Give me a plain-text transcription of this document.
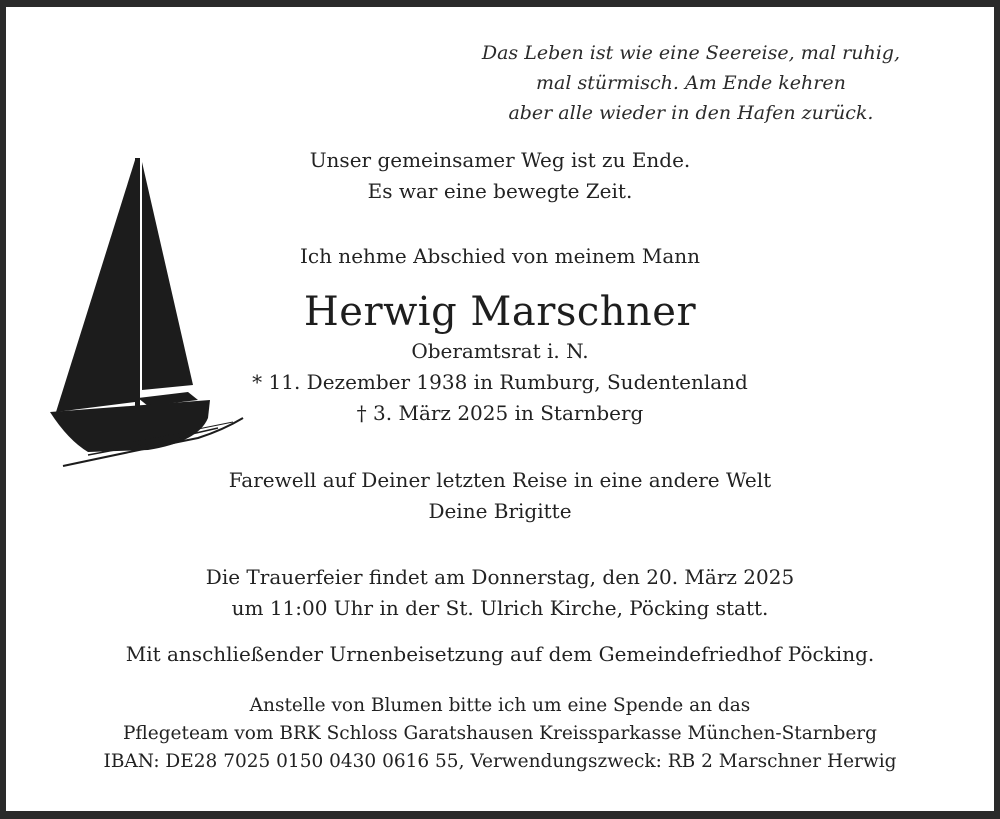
Das Leben ist wie eine Seereise, mal ruhig,
mal stürmisch. Am Ende kehren
aber alle wieder in den Hafen zurück.
Unser gemeinsamer Weg ist zu Ende.
Es war eine bewegte Zeit.
Ich nehme Abschied von meinem Mann
Herwig Marschner
Oberamtsrat i. N.
* 11. Dezember 1938 in Rumburg, Sudentenland
† 3. März 2025 in Starnberg
Farewell auf Deiner letzten Reise in eine andere Welt
Deine Brigitte
Die Trauerfeier findet am Donnerstag, den 20. März 2025
um 11:00 Uhr in der St. Ulrich Kirche, Pöcking statt.
Mit anschließender Urnenbeisetzung auf dem Gemeindefriedhof Pöcking.
Anstelle von Blumen bitte ich um eine Spende an das
Pflegeteam vom BRK Schloss Garatshausen Kreissparkasse München-Starnberg
IBAN: DE28 7025 0150 0430 0616 55, Verwendungszweck: RB 2 Marschner Herwig
